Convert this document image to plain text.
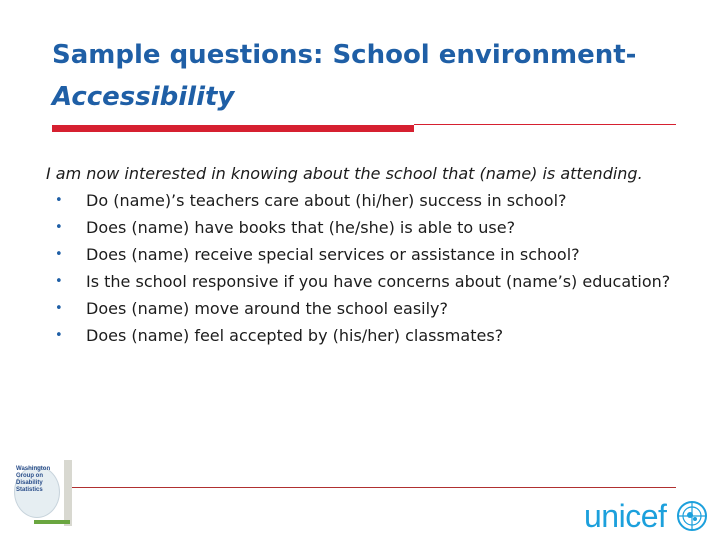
Sample questions: School environment-
Accessibility

I am now interested in knowing about the school that (name) is attending.

• Do (name)’s teachers care about (hi/her) success in school?
• Does (name) have books that (he/she) is able to use?
• Does (name) receive special services or assistance in school?
• Is the school responsive if you have concerns about (name’s) education?
• Does (name) move around the school easily?
• Does (name) feel accepted by (his/her) classmates?
Washington
Group on
Disability
Statistics
unicef
